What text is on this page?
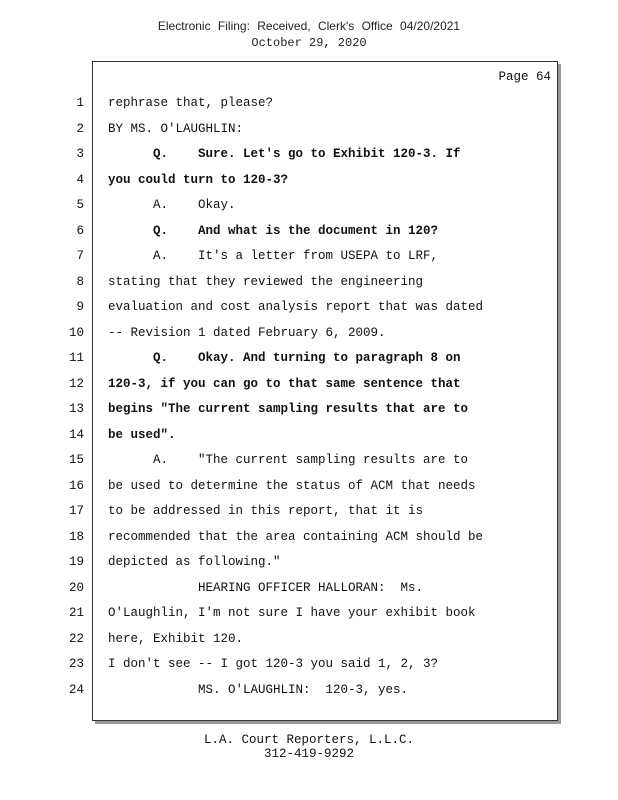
Electronic Filing: Received, Clerk's Office 04/20/2021
October 29, 2020
Page 64
1 rephrase that, please?
2 BY MS. O'LAUGHLIN:
3 Q.    Sure. Let's go to Exhibit 120-3. If
4 you could turn to 120-3?
5 A.    Okay.
6 Q.    And what is the document in 120?
7 A.    It's a letter from USEPA to LRF,
8 stating that they reviewed the engineering
9 evaluation and cost analysis report that was dated
10 -- Revision 1 dated February 6, 2009.
11 Q.    Okay. And turning to paragraph 8 on
12 120-3, if you can go to that same sentence that
13 begins "The current sampling results that are to
14 be used".
15 A.    "The current sampling results are to
16 be used to determine the status of ACM that needs
17 to be addressed in this report, that it is
18 recommended that the area containing ACM should be
19 depicted as following."
20 HEARING OFFICER HALLORAN:  Ms.
21 O'Laughlin, I'm not sure I have your exhibit book
22 here, Exhibit 120.
23 I don't see -- I got 120-3 you said 1, 2, 3?
24 MS. O'LAUGHLIN:  120-3, yes.
L.A. Court Reporters, L.L.C.
312-419-9292
